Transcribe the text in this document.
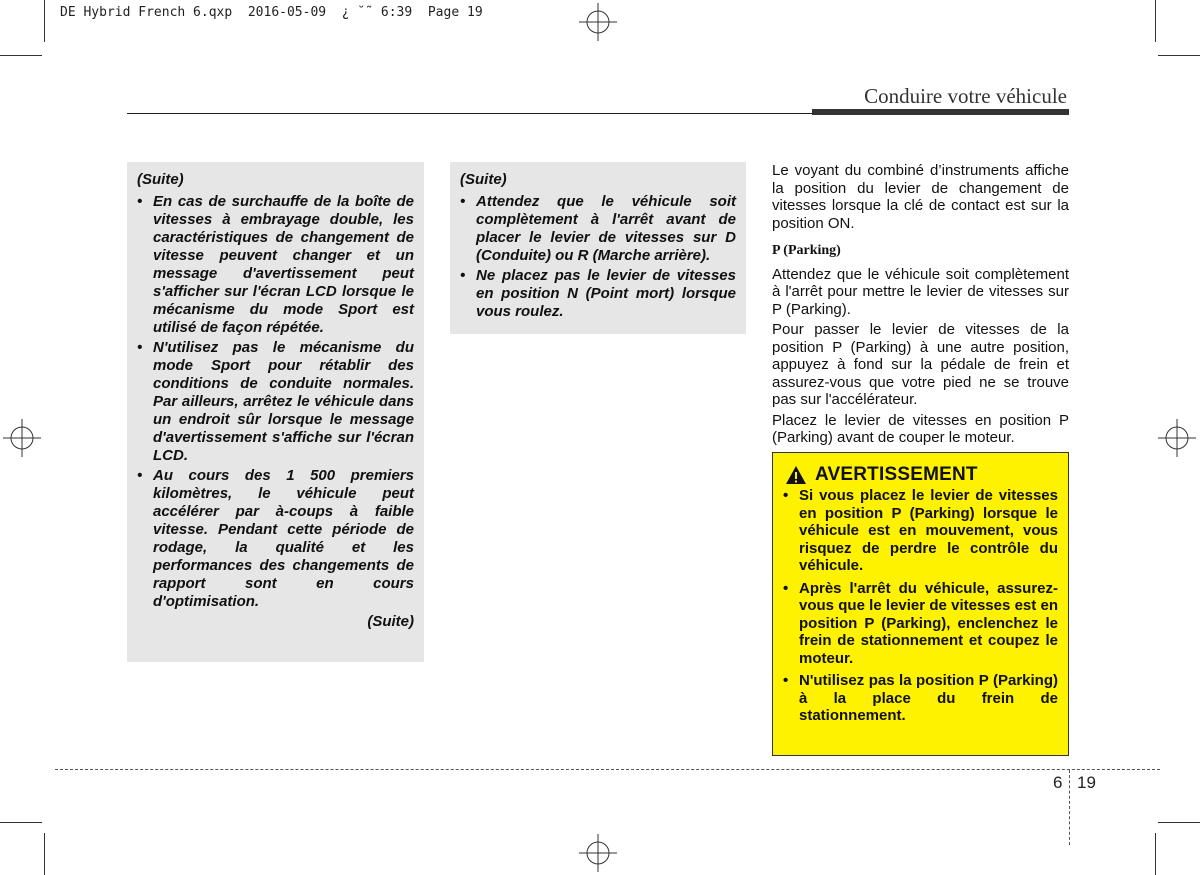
DE Hybrid French 6.qxp  2016-05-09  ¿ ˘˜ 6:39  Page 19
Conduire votre véhicule
(Suite)
• En cas de surchauffe de la boîte de vitesses à embrayage double, les caractéristiques de changement de vitesse peuvent changer et un message d'avertissement peut s'afficher sur l'écran LCD lorsque le mécanisme du mode Sport est utilisé de façon répétée.
• N'utilisez pas le mécanisme du mode Sport pour rétablir des conditions de conduite normales. Par ailleurs, arrêtez le véhicule dans un endroit sûr lorsque le message d'avertissement s'affiche sur l'écran LCD.
• Au cours des 1 500 premiers kilomètres, le véhicule peut accélérer par à-coups à faible vitesse. Pendant cette période de rodage, la qualité et les performances des changements de rapport sont en cours d'optimisation.
(Suite)
(Suite)
• Attendez que le véhicule soit complètement à l'arrêt avant de placer le levier de vitesses sur D (Conduite) ou R (Marche arrière).
• Ne placez pas le levier de vitesses en position N (Point mort) lorsque vous roulez.

Le voyant du combiné d’instruments affiche la position du levier de changement de vitesses lorsque la clé de contact est sur la position ON.

P (Parking)

Attendez que le véhicule soit complètement à l'arrêt pour mettre le levier de vitesses sur P (Parking).

Pour passer le levier de vitesses de la position P (Parking) à une autre position, appuyez à fond sur la pédale de frein et assurez-vous que votre pied ne se trouve pas sur l'accélérateur.

Placez le levier de vitesses en position P (Parking) avant de couper le moteur.

AVERTISSEMENT
• Si vous placez le levier de vitesses en position P (Parking) lorsque le véhicule est en mouvement, vous risquez de perdre le contrôle du véhicule.
• Après l'arrêt du véhicule, assurez-vous que le levier de vitesses est en position P (Parking), enclenchez le frein de stationnement et coupez le moteur.
• N'utilisez pas la position P (Parking) à la place du frein de stationnement.
6 19
